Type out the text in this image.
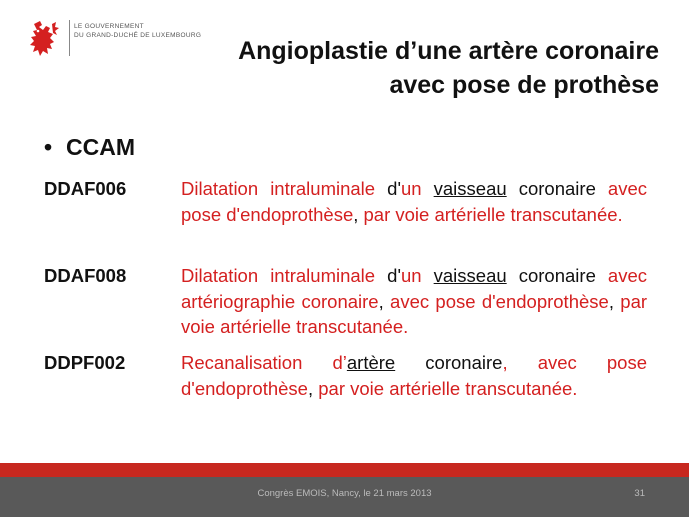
LE GOUVERNEMENT
DU GRAND-DUCHÉ DE LUXEMBOURG
Angioplastie d’une artère coronaire
avec pose de prothèse
• CCAM
DDAF006	Dilatation intraluminale d'un vaisseau coronaire avec pose d'endoprothèse, par voie artérielle transcutanée.
DDAF008	Dilatation intraluminale d'un vaisseau coronaire avec artériographie coronaire, avec pose d'endoprothèse, par voie artérielle transcutanée.
DDPF002	Recanalisation d’artère coronaire, avec pose d'endoprothèse, par voie artérielle transcutanée.
Congrès EMOIS, Nancy, le 21 mars 2013	31
